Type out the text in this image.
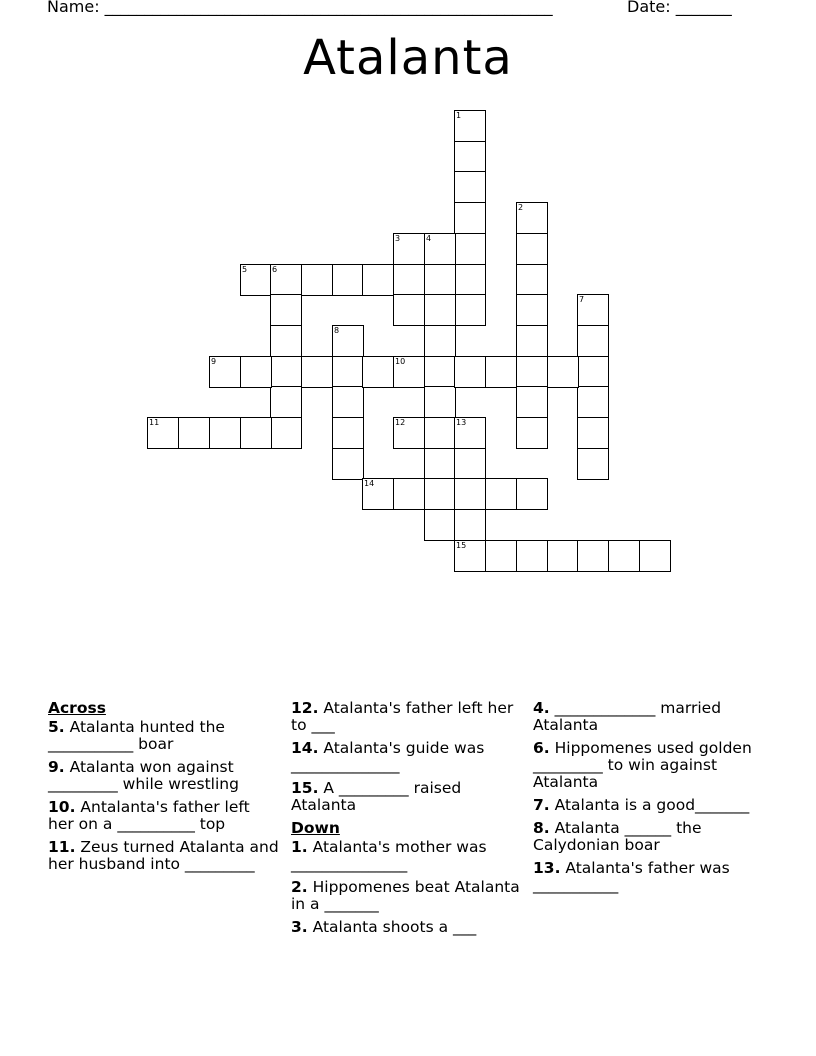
Name: ________________________________________________________	Date: _______
Atalanta
1
2
3	4
5	6
7
8
9	10
11	12	13
15
14
Across
5. Atalanta hunted the ___________ boar
9. Atalanta won against _________ while wrestling
10. Antalanta's father left her on a __________ top
11. Zeus turned Atalanta and her husband into _________
12. Atalanta's father left her to ___
14. Atalanta's guide was ______________
15. A _________ raised Atalanta
Down
1. Atalanta's mother was _______________
2. Hippomenes beat Atalanta in a _______
3. Atalanta shoots a ___
4. _____________ married Atalanta
6. Hippomenes used golden _________ to win against Atalanta
7. Atalanta is a good_______
8. Atalanta ______ the Calydonian boar
13. Atalanta's father was ___________
